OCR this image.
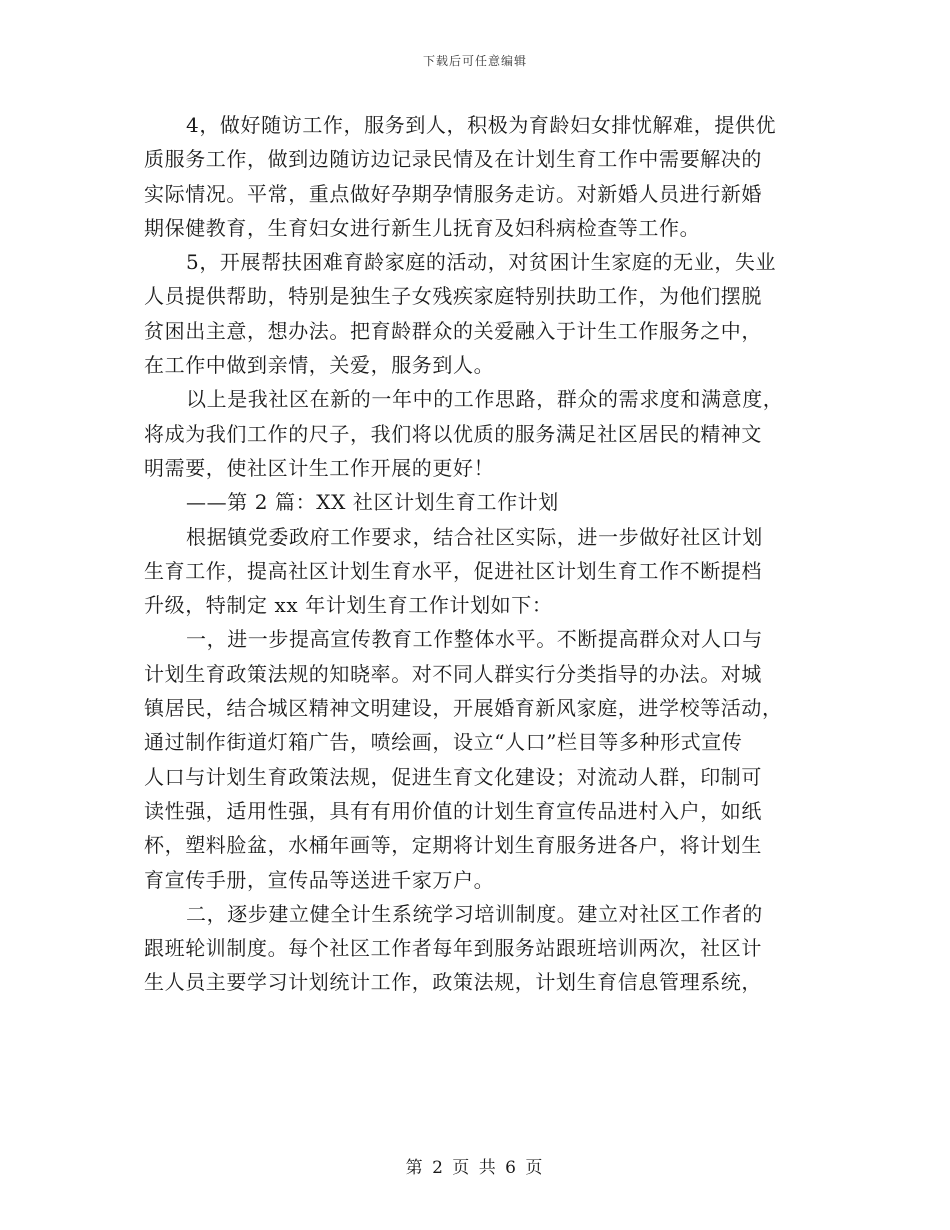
下载后可任意编辑
4，做好随访工作，服务到人，积极为育龄妇女排忧解难，提供优
质服务工作，做到边随访边记录民情及在计划生育工作中需要解决的
实际情况。平常，重点做好孕期孕情服务走访。对新婚人员进行新婚
期保健教育，生育妇女进行新生儿抚育及妇科病检查等工作。
5，开展帮扶困难育龄家庭的活动，对贫困计生家庭的无业，失业
人员提供帮助，特别是独生子女残疾家庭特别扶助工作，为他们摆脱
贫困出主意，想办法。把育龄群众的关爱融入于计生工作服务之中，
在工作中做到亲情，关爱，服务到人。
以上是我社区在新的一年中的工作思路，群众的需求度和满意度，
将成为我们工作的尺子，我们将以优质的服务满足社区居民的精神文
明需要，使社区计生工作开展的更好！
——第 2 篇：XX 社区计划生育工作计划
根据镇党委政府工作要求，结合社区实际，进一步做好社区计划
生育工作，提高社区计划生育水平，促进社区计划生育工作不断提档
升级，特制定 xx 年计划生育工作计划如下：
一，进一步提高宣传教育工作整体水平。不断提高群众对人口与
计划生育政策法规的知晓率。对不同人群实行分类指导的办法。对城
镇居民，结合城区精神文明建设，开展婚育新风家庭，进学校等活动，
通过制作街道灯箱广告，喷绘画，设立“人口”栏目等多种形式宣传
人口与计划生育政策法规，促进生育文化建设；对流动人群，印制可
读性强，适用性强，具有有用价值的计划生育宣传品进村入户，如纸
杯，塑料脸盆，水桶年画等，定期将计划生育服务进各户，将计划生
育宣传手册，宣传品等送进千家万户。
二，逐步建立健全计生系统学习培训制度。建立对社区工作者的
跟班轮训制度。每个社区工作者每年到服务站跟班培训两次，社区计
生人员主要学习计划统计工作，政策法规，计划生育信息管理系统，
第 2 页 共 6 页
